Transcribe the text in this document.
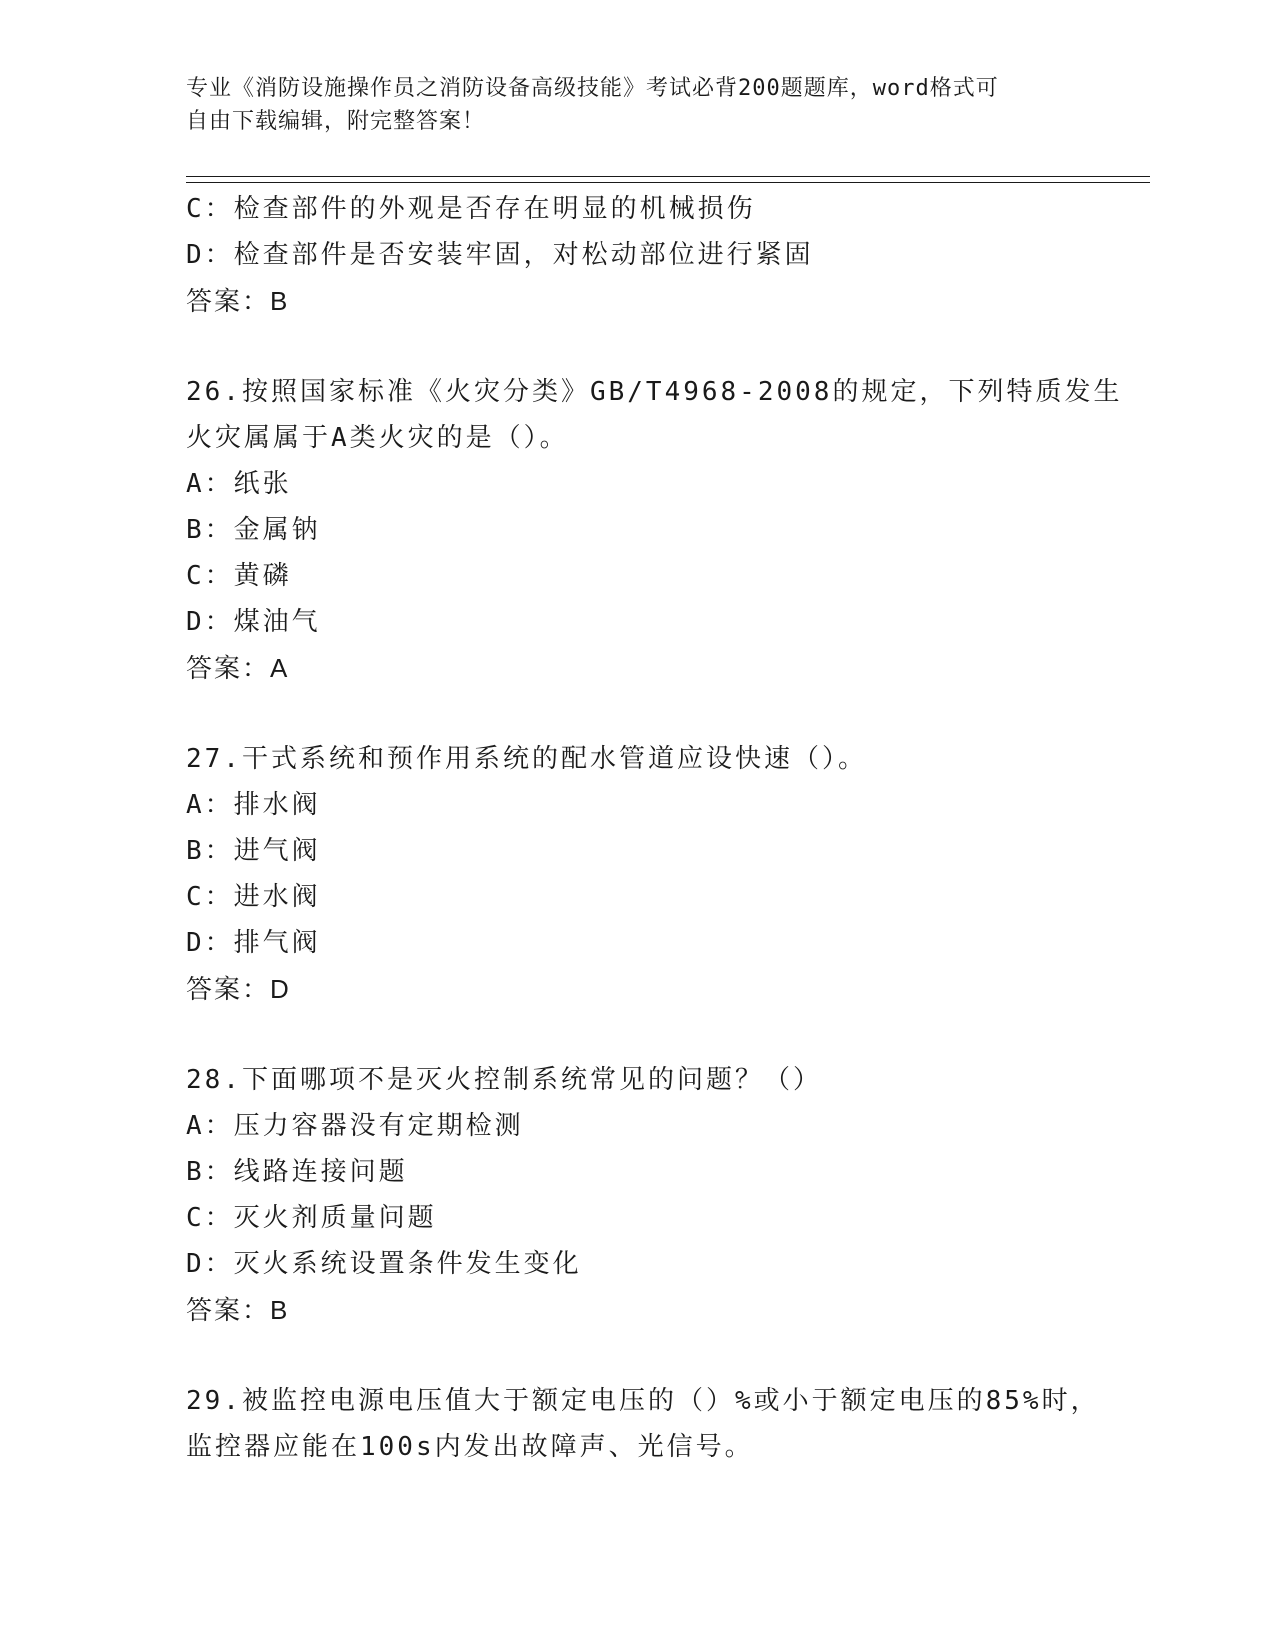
专业《消防设施操作员之消防设备高级技能》考试必背200题题库，word格式可
自由下载编辑，附完整答案！
C：检查部件的外观是否存在明显的机械损伤
D：检查部件是否安装牢固，对松动部位进行紧固
答案：B
26.按照国家标准《火灾分类》GB/T4968-2008的规定，下列特质发生
火灾属属于A类火灾的是（）。
A：纸张
B：金属钠
C：黄磷
D：煤油气
答案：A
27.干式系统和预作用系统的配水管道应设快速（）。
A：排水阀
B：进气阀
C：进水阀
D：排气阀
答案：D
28.下面哪项不是灭火控制系统常见的问题？（）
A：压力容器没有定期检测
B：线路连接问题
C：灭火剂质量问题
D：灭火系统设置条件发生变化
答案：B
29.被监控电源电压值大于额定电压的（）%或小于额定电压的85%时，
监控器应能在100s内发出故障声、光信号。
